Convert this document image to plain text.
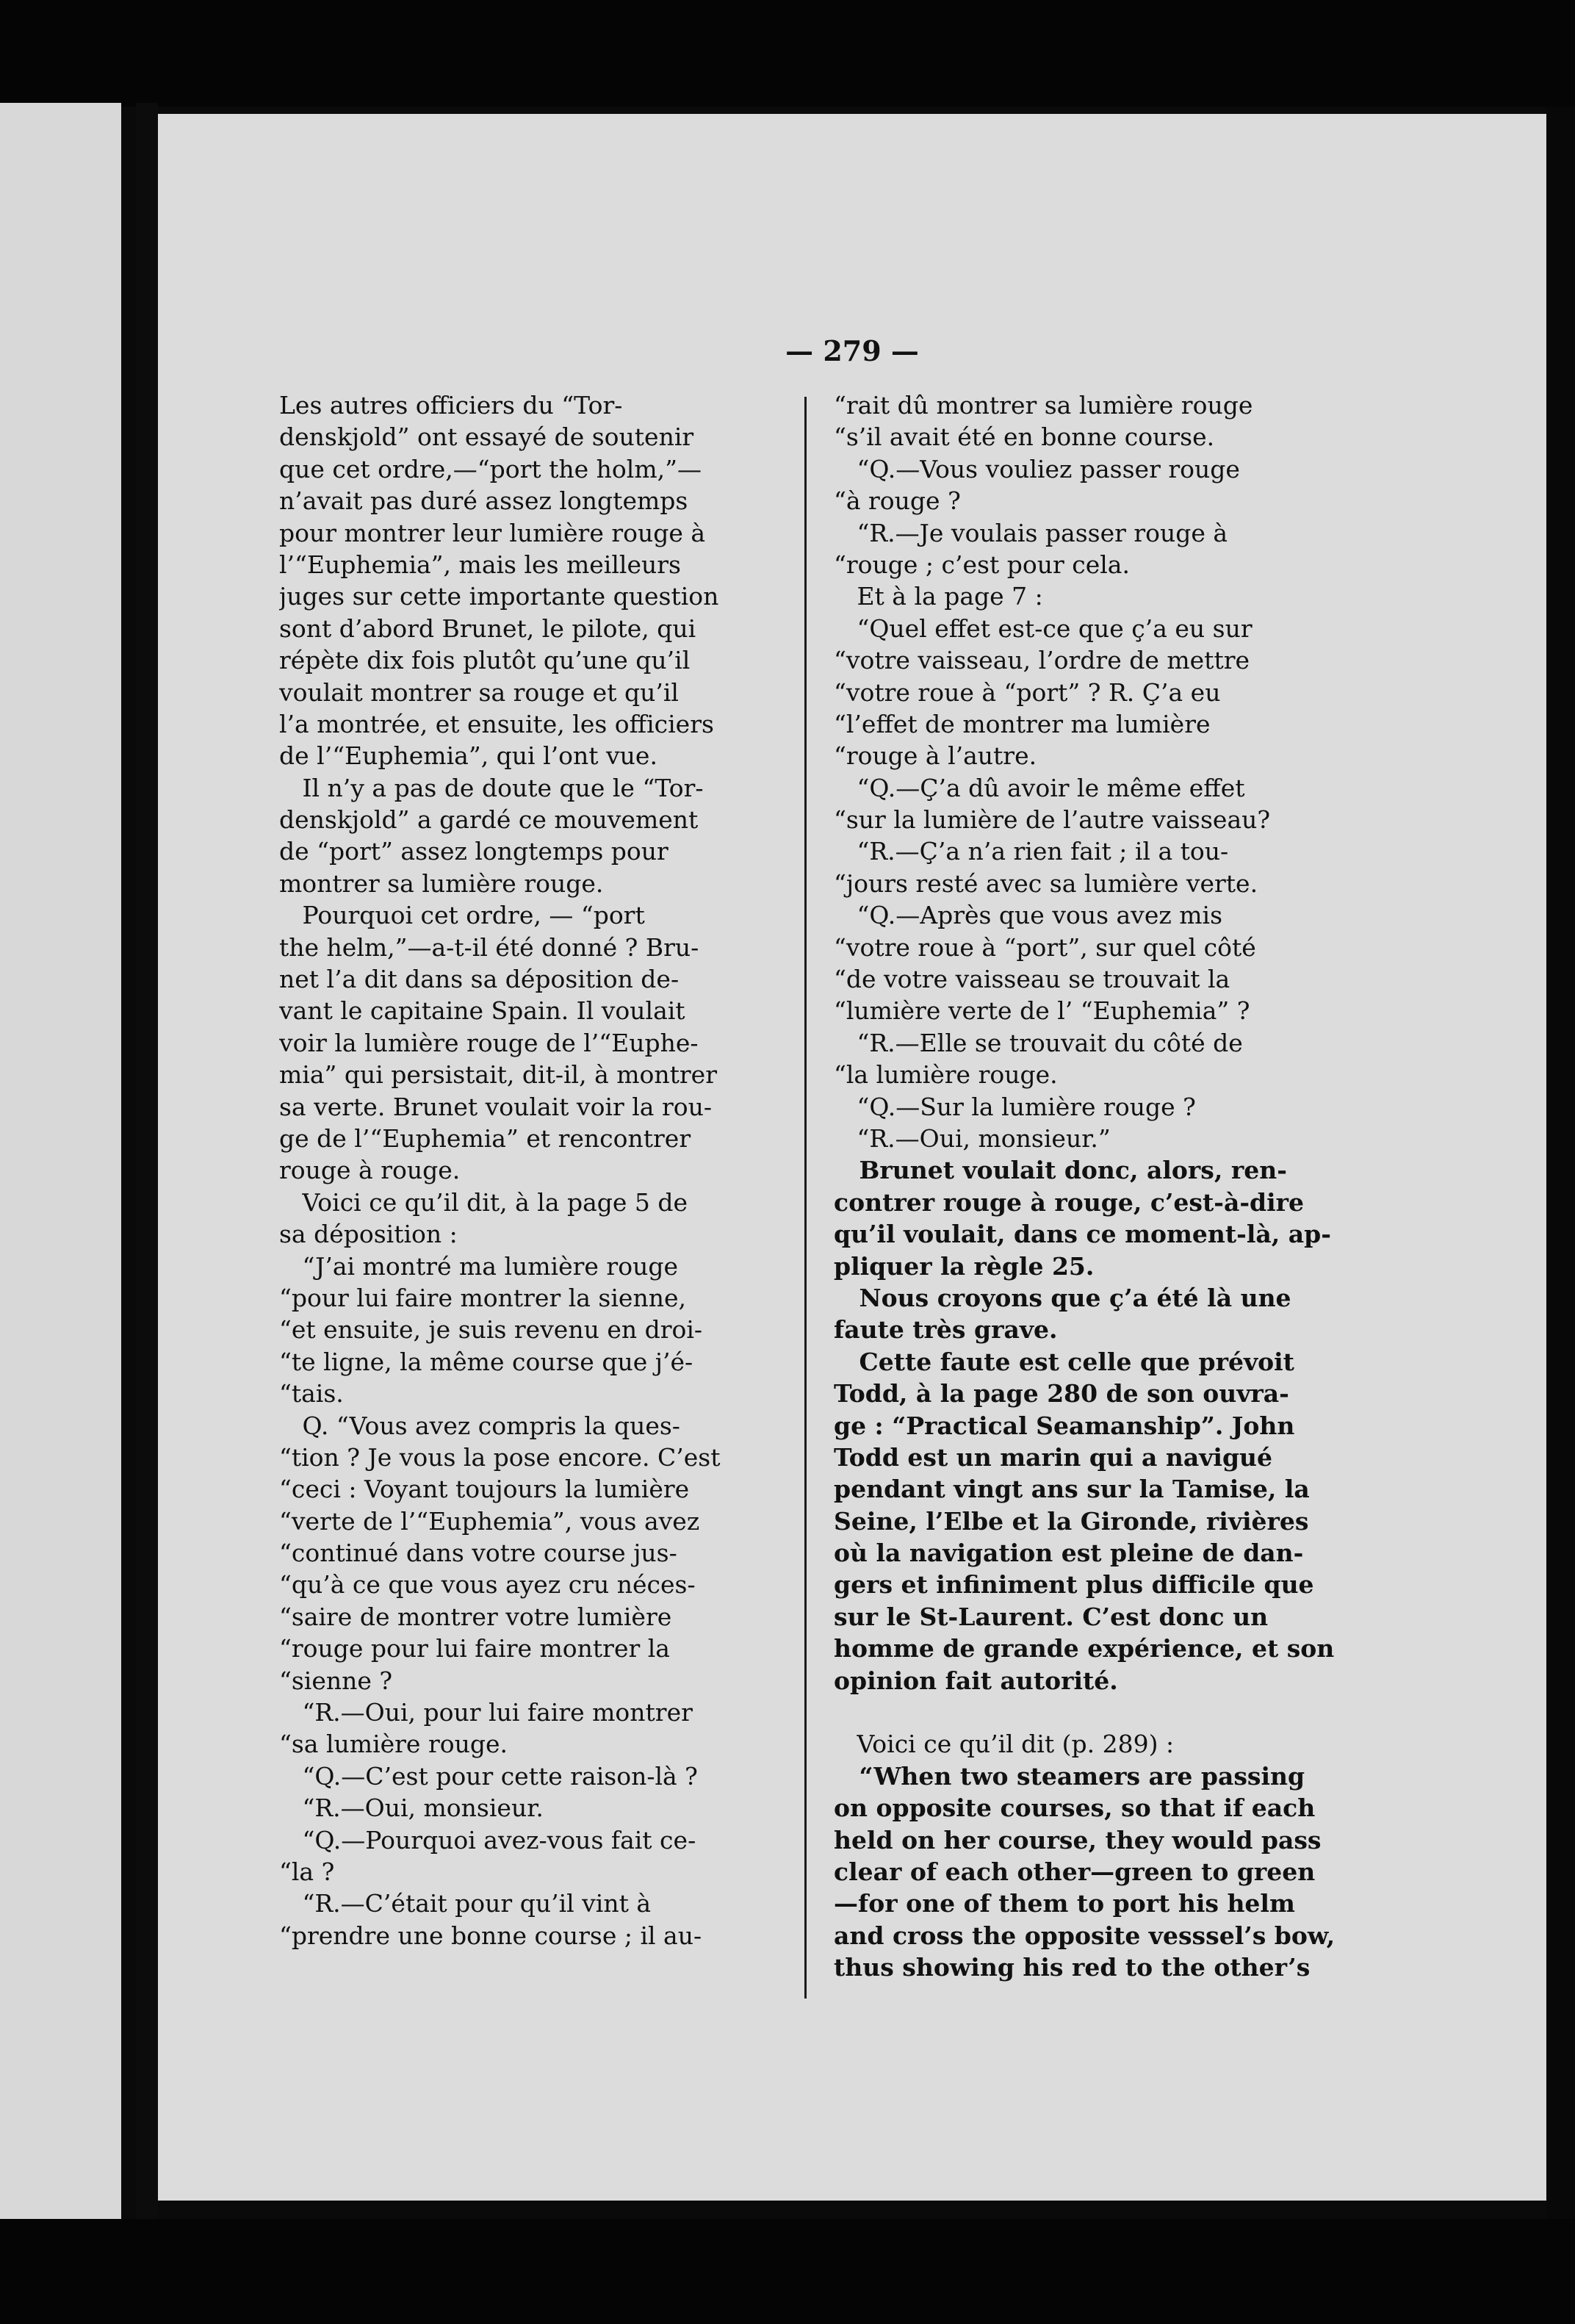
— 279 —
Les autres officiers du “Tor-
denskjold” ont essayé de soutenir
que cet ordre,—“port the holm,”—
n’avait pas duré assez longtemps
pour montrer leur lumière rouge à
l’“Euphemia”, mais les meilleurs
juges sur cette importante question
sont d’abord Brunet, le pilote, qui
répète dix fois plutôt qu’une qu’il
voulait montrer sa rouge et qu’il
l’a montrée, et ensuite, les officiers
de l’“Euphemia”, qui l’ont vue.
Il n’y a pas de doute que le “Tor-
denskjold” a gardé ce mouvement
de “port” assez longtemps pour
montrer sa lumière rouge.
Pourquoi cet ordre, — “port
the helm,”—a-t-il été donné ? Bru-
net l’a dit dans sa déposition de-
vant le capitaine Spain. Il voulait
voir la lumière rouge de l’“Euphe-
mia” qui persistait, dit-il, à montrer
sa verte. Brunet voulait voir la rou-
ge de l’“Euphemia” et rencontrer
rouge à rouge.
Voici ce qu’il dit, à la page 5 de
sa déposition :
“J’ai montré ma lumière rouge
“pour lui faire montrer la sienne,
“et ensuite, je suis revenu en droi-
“te ligne, la même course que j’é-
“tais.
Q. “Vous avez compris la ques-
“tion ? Je vous la pose encore. C’est
“ceci : Voyant toujours la lumière
“verte de l’“Euphemia”, vous avez
“continué dans votre course jus-
“qu’à ce que vous ayez cru néces-
“saire de montrer votre lumière
“rouge pour lui faire montrer la
“sienne ?
“R.—Oui, pour lui faire montrer
“sa lumière rouge.
“Q.—C’est pour cette raison-là ?
“R.—Oui, monsieur.
“Q.—Pourquoi avez-vous fait ce-
“la ?
“R.—C’était pour qu’il vint à
“prendre une bonne course ; il au-
“rait dû montrer sa lumière rouge
“s’il avait été en bonne course.
“Q.—Vous vouliez passer rouge
“à rouge ?
“R.—Je voulais passer rouge à
“rouge ; c’est pour cela.
Et à la page 7 :
“Quel effet est-ce que ç’a eu sur
“votre vaisseau, l’ordre de mettre
“votre roue à “port” ? R. Ç’a eu
“l’effet de montrer ma lumière
“rouge à l’autre.
“Q.—Ç’a dû avoir le même effet
“sur la lumière de l’autre vaisseau?
“R.—Ç’a n’a rien fait ; il a tou-
“jours resté avec sa lumière verte.
“Q.—Après que vous avez mis
“votre roue à “port”, sur quel côté
“de votre vaisseau se trouvait la
“lumière verte de l’ “Euphemia” ?
“R.—Elle se trouvait du côté de
“la lumière rouge.
“Q.—Sur la lumière rouge ?
“R.—Oui, monsieur.”
Brunet voulait donc, alors, ren-
contrer rouge à rouge, c’est-à-dire
qu’il voulait, dans ce moment-là, ap-
pliquer la règle 25.
Nous croyons que ç’a été là une
faute très grave.
Cette faute est celle que prévoit
Todd, à la page 280 de son ouvra-
ge : “Practical Seamanship”. John
Todd est un marin qui a navigué
pendant vingt ans sur la Tamise, la
Seine, l’Elbe et la Gironde, rivières
où la navigation est pleine de dan-
gers et infiniment plus difficile que
sur le St-Laurent. C’est donc un
homme de grande expérience, et son
opinion fait autorité.
Voici ce qu’il dit (p. 289) :
“When two steamers are passing
on opposite courses, so that if each
held on her course, they would pass
clear of each other—green to green
—for one of them to port his helm
and cross the opposite vesssel’s bow,
thus showing his red to the other’s
